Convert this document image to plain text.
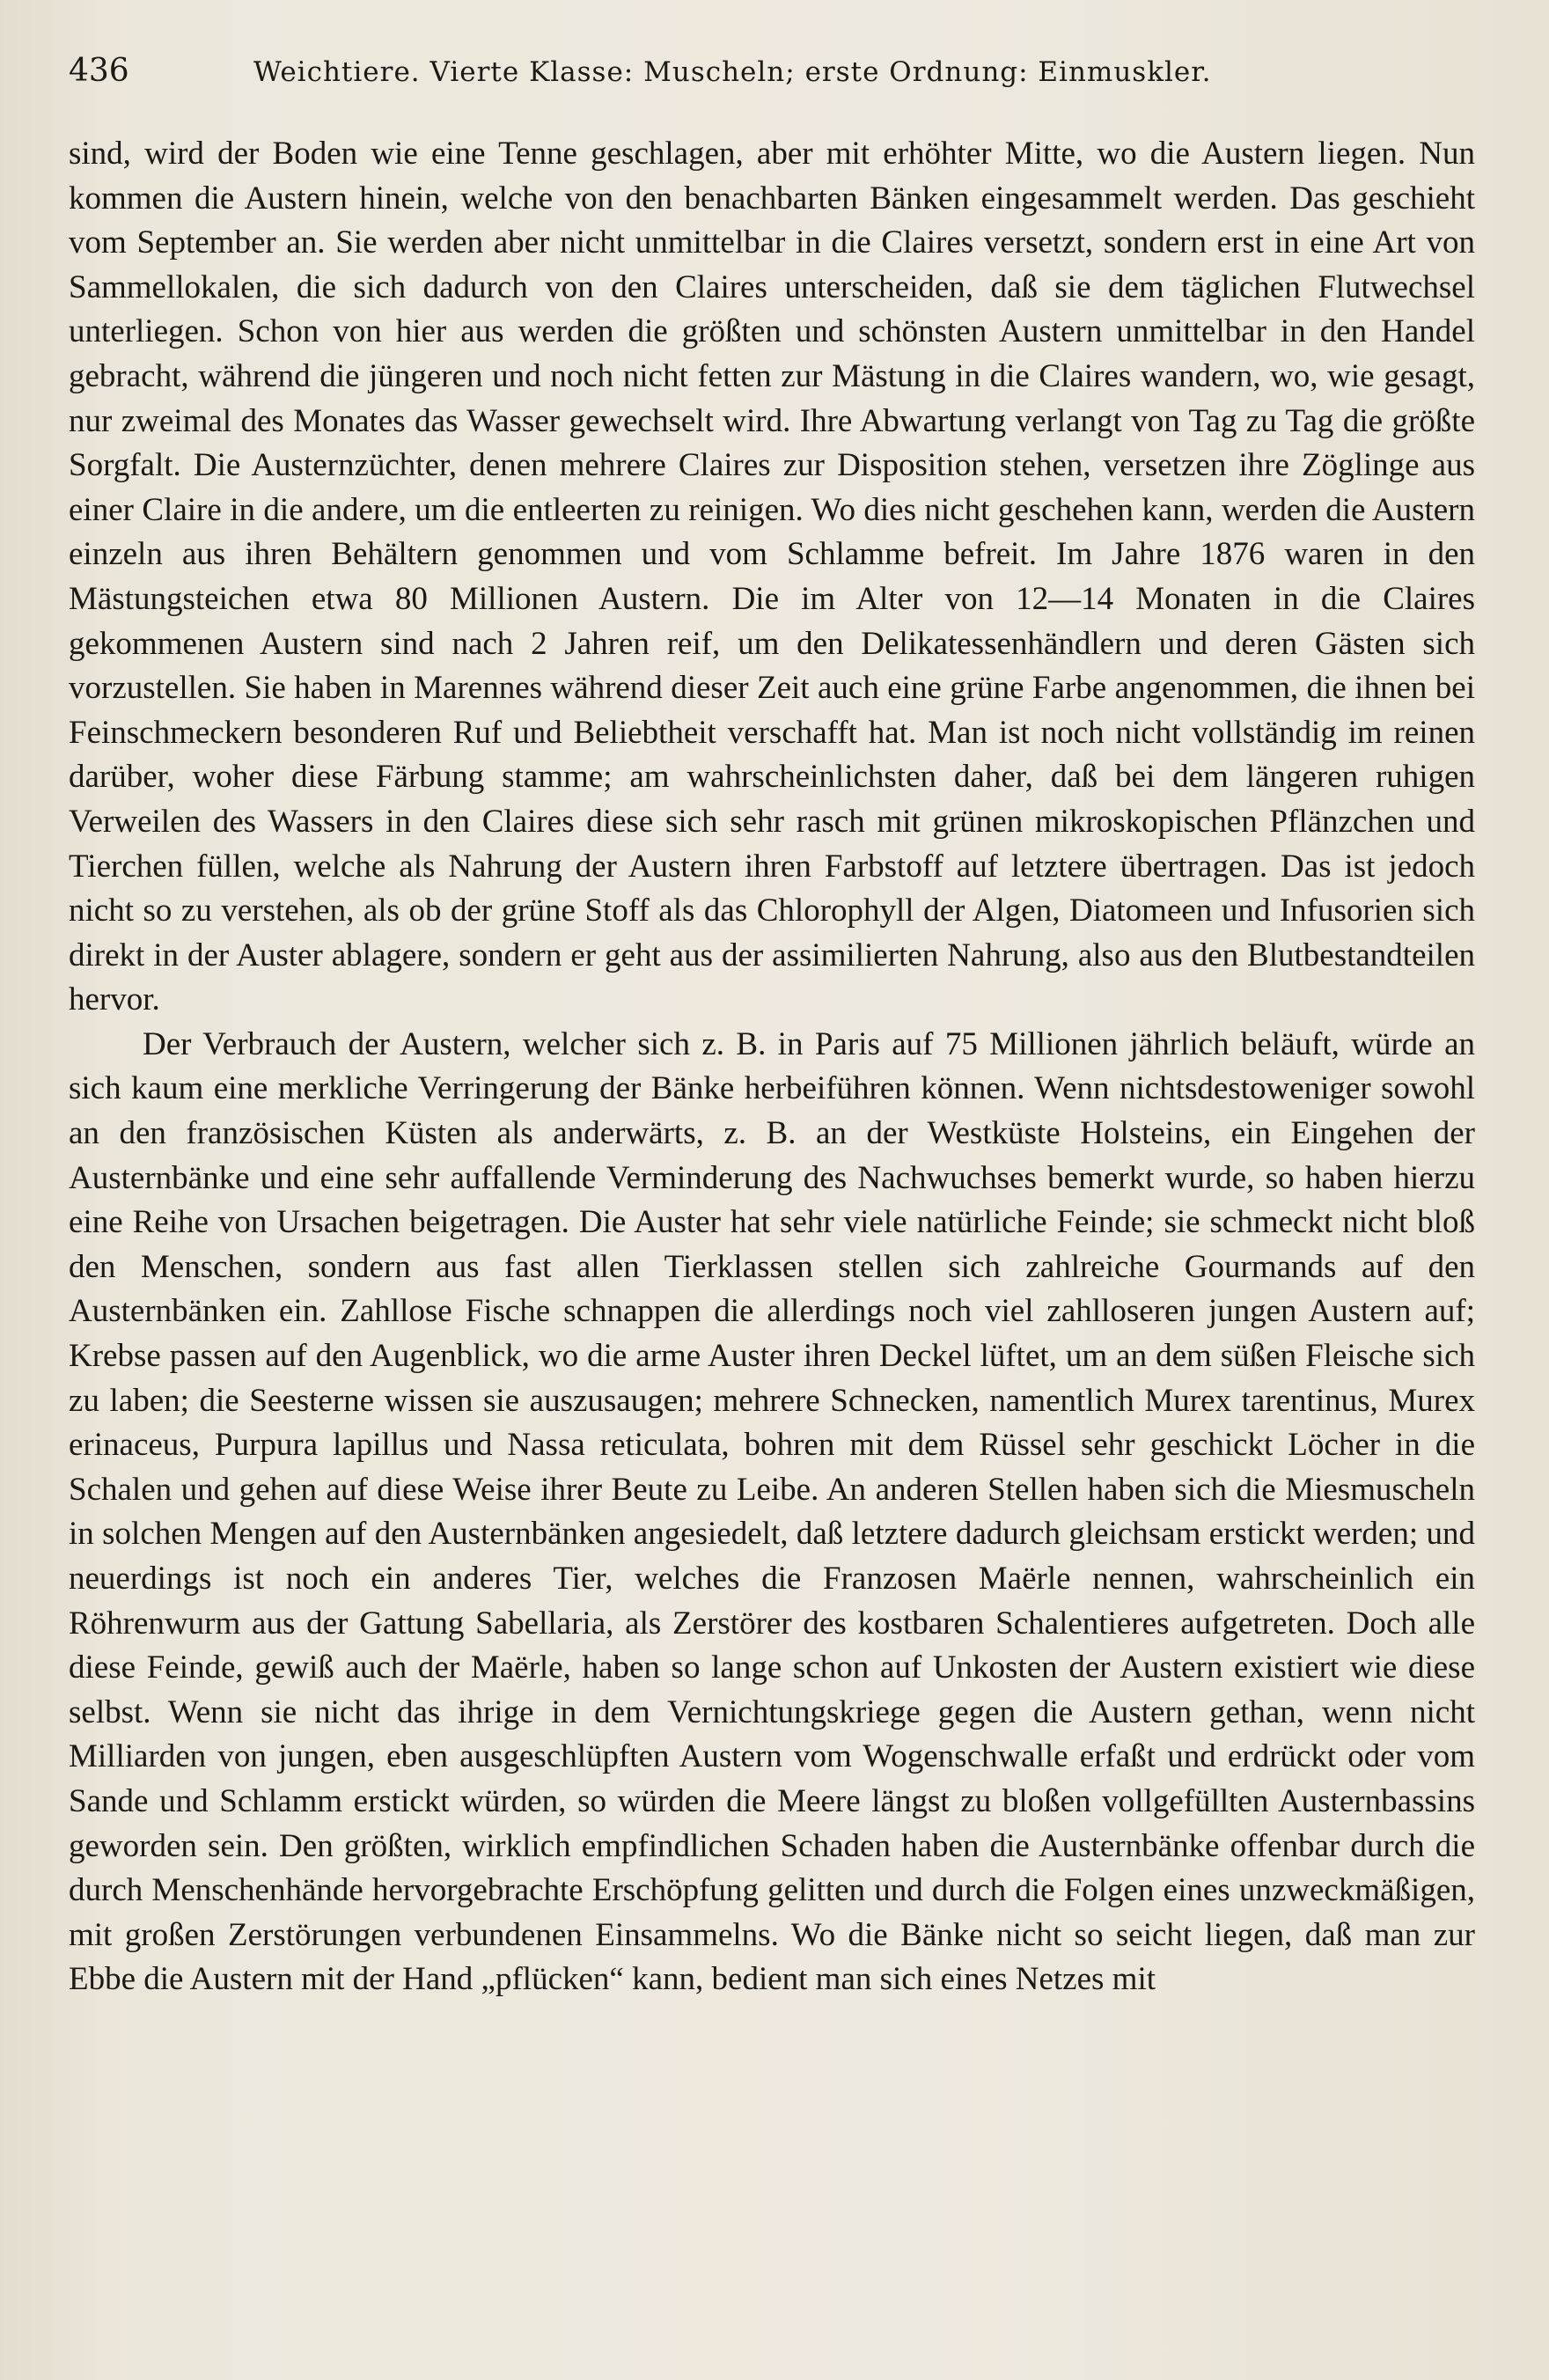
436	Weichtiere. Vierte Klasse: Muscheln; erste Ordnung: Einmuskler.

sind, wird der Boden wie eine Tenne geschlagen, aber mit erhöhter Mitte, wo die Austern liegen. Nun kommen die Austern hinein, welche von den benachbarten Bänken eingesammelt werden. Das geschieht vom September an. Sie werden aber nicht unmittelbar in die Claires versetzt, sondern erst in eine Art von Sammellokalen, die sich dadurch von den Claires unterscheiden, daß sie dem täglichen Flutwechsel unterliegen. Schon von hier aus werden die größten und schönsten Austern unmittelbar in den Handel gebracht, während die jüngeren und noch nicht fetten zur Mästung in die Claires wandern, wo, wie gesagt, nur zweimal des Monates das Wasser gewechselt wird. Ihre Abwartung verlangt von Tag zu Tag die größte Sorgfalt. Die Austernzüchter, denen mehrere Claires zur Disposition stehen, versetzen ihre Zöglinge aus einer Claire in die andere, um die entleerten zu reinigen. Wo dies nicht geschehen kann, werden die Austern einzeln aus ihren Behältern genommen und vom Schlamme befreit. Im Jahre 1876 waren in den Mästungsteichen etwa 80 Millionen Austern. Die im Alter von 12—14 Monaten in die Claires gekommenen Austern sind nach 2 Jahren reif, um den Delikatessenhändlern und deren Gästen sich vorzustellen. Sie haben in Marennes während dieser Zeit auch eine grüne Farbe angenommen, die ihnen bei Feinschmeckern besonderen Ruf und Beliebtheit verschafft hat. Man ist noch nicht vollständig im reinen darüber, woher diese Färbung stamme; am wahrscheinlichsten daher, daß bei dem längeren ruhigen Verweilen des Wassers in den Claires diese sich sehr rasch mit grünen mikroskopischen Pflänzchen und Tierchen füllen, welche als Nahrung der Austern ihren Farbstoff auf letztere übertragen. Das ist jedoch nicht so zu verstehen, als ob der grüne Stoff als das Chlorophyll der Algen, Diatomeen und Infusorien sich direkt in der Auster ablagere, sondern er geht aus der assimilierten Nahrung, also aus den Blutbestandteilen hervor.

Der Verbrauch der Austern, welcher sich z. B. in Paris auf 75 Millionen jährlich beläuft, würde an sich kaum eine merkliche Verringerung der Bänke herbeiführen können. Wenn nichtsdestoweniger sowohl an den französischen Küsten als anderwärts, z. B. an der Westküste Holsteins, ein Eingehen der Austernbänke und eine sehr auffallende Verminderung des Nachwuchses bemerkt wurde, so haben hierzu eine Reihe von Ursachen beigetragen. Die Auster hat sehr viele natürliche Feinde; sie schmeckt nicht bloß den Menschen, sondern aus fast allen Tierklassen stellen sich zahlreiche Gourmands auf den Austernbänken ein. Zahllose Fische schnappen die allerdings noch viel zahlloseren jungen Austern auf; Krebse passen auf den Augenblick, wo die arme Auster ihren Deckel lüftet, um an dem süßen Fleische sich zu laben; die Seesterne wissen sie auszusaugen; mehrere Schnecken, namentlich Murex tarentinus, Murex erinaceus, Purpura lapillus und Nassa reticulata, bohren mit dem Rüssel sehr geschickt Löcher in die Schalen und gehen auf diese Weise ihrer Beute zu Leibe. An anderen Stellen haben sich die Miesmuscheln in solchen Mengen auf den Austernbänken angesiedelt, daß letztere dadurch gleichsam erstickt werden; und neuerdings ist noch ein anderes Tier, welches die Franzosen Maërle nennen, wahrscheinlich ein Röhrenwurm aus der Gattung Sabellaria, als Zerstörer des kostbaren Schalentieres aufgetreten. Doch alle diese Feinde, gewiß auch der Maërle, haben so lange schon auf Unkosten der Austern existiert wie diese selbst. Wenn sie nicht das ihrige in dem Vernichtungskriege gegen die Austern gethan, wenn nicht Milliarden von jungen, eben ausgeschlüpften Austern vom Wogenschwalle erfaßt und erdrückt oder vom Sande und Schlamm erstickt würden, so würden die Meere längst zu bloßen vollgefüllten Austernbassins geworden sein. Den größten, wirklich empfindlichen Schaden haben die Austernbänke offenbar durch die durch Menschenhände hervorgebrachte Erschöpfung gelitten und durch die Folgen eines unzweckmäßigen, mit großen Zerstörungen verbundenen Einsammelns. Wo die Bänke nicht so seicht liegen, daß man zur Ebbe die Austern mit der Hand „pflücken“ kann, bedient man sich eines Netzes mit
